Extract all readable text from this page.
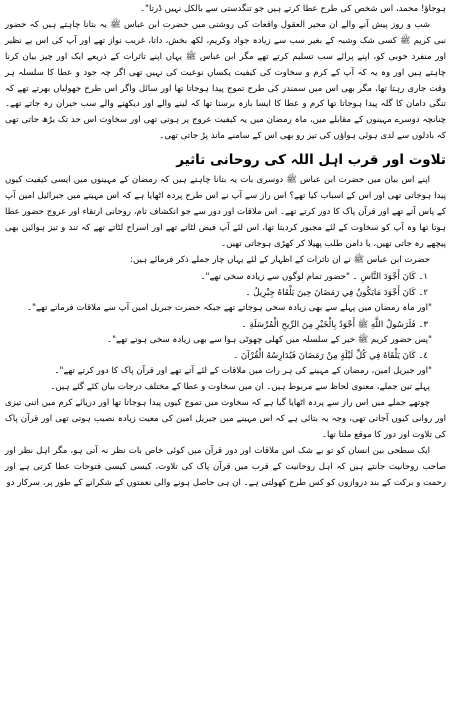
ہوجاؤ! محمد، اس شخص کی طرح عطا کرتے ہیں جو تنگدستی سے بالکل نہیں ڈرتا"۔

شب و روز پیش آنے والے ان محیر العقول واقعات کی روشنی میں حضرت ابن عباس ﷺ یہ بتانا چاہتے ہیں کہ حضور نبی کریم ﷺ کسی شک وشبہ کے بغیر سب سے زیادہ جواد وکریم، لکھ بخش، داتا، غریب نواز تھے اور آپ کی اس بے نظیر اور منفرد خوبی کو، اپنے پرائے سب تسلیم کرتے تھے مگر ابن عباس ﷺ یہاں اپنے تاثرات کے ذریعے ایک اور چیز بیان کرنا چاہتے ہیں اور وہ یہ کہ آپ کے کرم و سخاوت کی کیفیت یکساں نوعیت کی نہیں تھی اگر چہ جود و عطا کا سلسلہ ہر وقت جاری رہتا تھا، مگر بھی اس میں سمندر کی طرح تموج پیدا ہوجاتا تھا اور سائل واگر اس طرح جھولیاں بھرتے تھے کہ تنگی دامان کا گلہ پیدا ہوجاتا تھا کرم و عطا کا ایسا بازہ برستا تھا کہ لینے والے اور دیکھنے والے سب حیران رہ جاتے تھے۔ چنانچہ دوسرے مہینوں کے مقابلے میں، ماہ رمضان میں یہ کیفیت عروج پر ہوتی تھی اور سخاوت اس حد تک بڑھ جاتی تھی کہ بادلوں سے لدی ہوئی ہواؤں کی تیز رو بھی اس کے سامنے ماند پڑ جاتی تھی۔

تلاوت اور قرب اہل اللہ کی روحانی تاثیر

اپنے اس بیان میں حضرت ابن عباس ﷺ دوسری بات یہ بتانا چاہتے ہیں کہ رمضان کے مہینوں میں ایسی کیفیت کیوں پیدا ہوجاتی تھی اور اس کے اسباب کیا تھے؟ اس راز سے آپ نے اس طرح پردہ اٹھایا ہے کہ اس مہینے میں جبرائیل امین آپ کے پاس آتے تھے اور قرآن پاک کا دور کرتے تھے۔ اس ملاقات اور دور سے جو انکشاف تام، روحانی ارتقاء اور عروج حضور عطا ہوتا تھا وہ آپ کو سخاوت کے لئے مجبور کردیتا تھا، اس لئے آپ فیض لٹاتے تھے اور اسراح لٹاتے تھے کہ تند و تیز ہوائیں بھی پیچھے رہ جاتی تھیں، یا دامن طلب پھیلا کر کھڑی ہوجاتی تھیں۔

حضرت ابن عباس ﷺ نے ان تاثرات کے اظہار کے لئے یہاں چار جملے ذکر فرمائے ہیں:

١۔ كَانَ أَجْوَدَ النَّاسِ ۔ "حضور تمام لوگوں سے زیادہ سخی تھے"۔

٢۔ كَانَ أَجْوَدَ مَايَكُونُ فِي رَمَضَانَ حِينَ يَلْقَاهُ جِبْرِيلُ ۔

"اور ماہ رمضان میں پہلے سے بھی زیادہ سخی ہوجاتے تھے جبکہ حضرت جبریل امین آپ سے ملاقات فرماتے تھے"۔

٣۔ فَلَرَسُولُ اللَّهِ ﷺ أَجْوَدُ بِالْخَيْرِ مِنَ الرِّيحِ الْمُرْسَلَةِ ۔

"پس حضور کریم ﷺ خیر کے سلسلہ میں کھلی چھوٹی ہوا سے بھی زیادہ سخی ہوتے تھے"۔

٤۔ كَانَ يَلْقَاهُ فِي كُلِّ لَيْلَةٍ مِنْ رَمَضَانَ فَيُدَارِسُهُ الْقُرْآنَ ۔

"اور جبریل امین، رمضان کے مہینے کی ہر رات میں ملاقات کے لئے آتے تھے اور قرآن پاک کا دور کرتے تھے"۔

پہلے تین جملے، معنوی لحاظ سے مربوط ہیں۔ ان میں سخاوت و عطا کے مختلف درجات بیان کئے گئے ہیں۔

چوتھے جملے میں اس راز سے پردہ اٹھایا گیا ہے کہ سخاوت میں تموج کیوں پیدا ہوجاتا تھا اور دریائے کرم میں اتنی تیزی اور روانی کیوں آجاتی تھی، وجہ یہ بتائی ہے کہ اس مہینے میں جبریل امین کی معیت زیادہ نصیب ہوتی تھی اور قرآن پاک کی تلاوت اور دور کا موقع ملتا تھا۔

ایک سطحی بین انسان کو تو بے شک اس ملاقات اور دور قرآن میں کوئی خاص بات نظر نہ آتی ہو، مگر اہل نظر اور صاحب روحانیت جانتے ہیں کہ اہل روحانیت کے قرب میں قرآن پاک کی تلاوت، کیسی کیسی فتوحات عطا کرتی ہے اور رحمت و برکت کے بند دروازوں کو کس طرح کھولتی ہے۔ ان ہی حاصل ہونے والی نعمتوں کے شکرانے کے طور پر، سرکار دو
